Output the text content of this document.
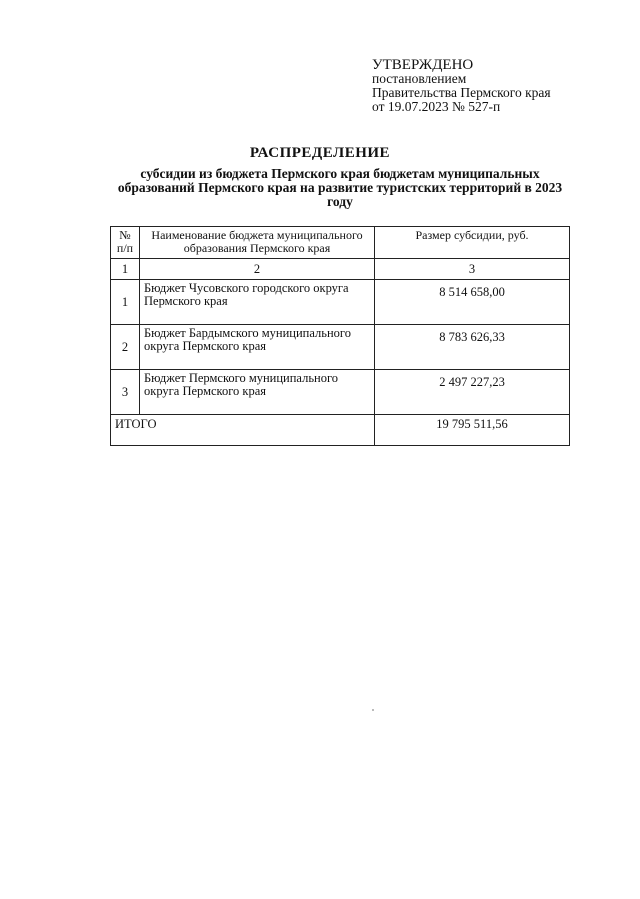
УТВЕРЖДЕНО
постановлением
Правительства Пермского края
от 19.07.2023 № 527-п
РАСПРЕДЕЛЕНИЕ
субсидии из бюджета Пермского края бюджетам муниципальных образований Пермского края на развитие туристских территорий в 2023 году
№ п/п	Наименование бюджета муниципального образования Пермского края	Размер субсидии, руб.
1	2	3
1	Бюджет Чусовского городского округа Пермского края	8 514 658,00
2	Бюджет Бардымского муниципального округа Пермского края	8 783 626,33
3	Бюджет Пермского муниципального округа Пермского края	2 497 227,23
ИТОГО		19 795 511,56
